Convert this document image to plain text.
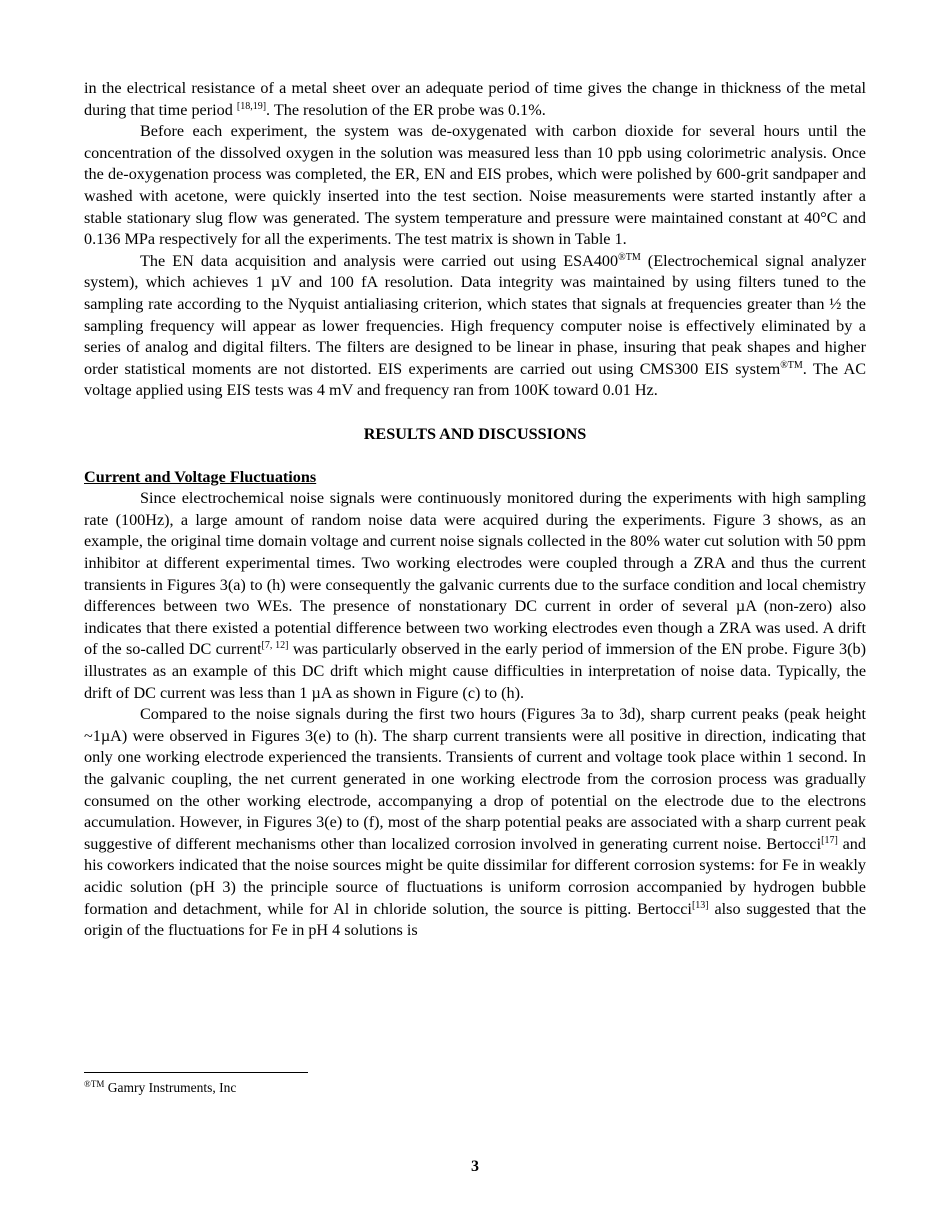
in the electrical resistance of a metal sheet over an adequate period of time gives the change in thickness of the metal during that time period [18,19]. The resolution of the ER probe was 0.1%.

Before each experiment, the system was de-oxygenated with carbon dioxide for several hours until the concentration of the dissolved oxygen in the solution was measured less than 10 ppb using colorimetric analysis. Once the de-oxygenation process was completed, the ER, EN and EIS probes, which were polished by 600-grit sandpaper and washed with acetone, were quickly inserted into the test section. Noise measurements were started instantly after a stable stationary slug flow was generated. The system temperature and pressure were maintained constant at 40°C and 0.136 MPa respectively for all the experiments. The test matrix is shown in Table 1.

The EN data acquisition and analysis were carried out using $ESA400^{®TM}$ (Electrochemical signal analyzer system), which achieves 1 µV and 100 fA resolution. Data integrity was maintained by using filters tuned to the sampling rate according to the Nyquist antialiasing criterion, which states that signals at frequencies greater than ½ the sampling frequency will appear as lower frequencies. High frequency computer noise is effectively eliminated by a series of analog and digital filters. The filters are designed to be linear in phase, insuring that peak shapes and higher order statistical moments are not distorted. EIS experiments are carried out using CMS300 EIS system$^{®TM}$. The AC voltage applied using EIS tests was 4 mV and frequency ran from 100K toward 0.01 Hz.

RESULTS AND DISCUSSIONS
Current and Voltage Fluctuations

Since electrochemical noise signals were continuously monitored during the experiments with high sampling rate (100Hz), a large amount of random noise data were acquired during the experiments. Figure 3 shows, as an example, the original time domain voltage and current noise signals collected in the 80% water cut solution with 50 ppm inhibitor at different experimental times. Two working electrodes were coupled through a ZRA and thus the current transients in Figures 3(a) to (h) were consequently the galvanic currents due to the surface condition and local chemistry differences between two WEs. The presence of nonstationary DC current in order of several µA (non-zero) also indicates that there existed a potential difference between two working electrodes even though a ZRA was used. A drift of the so-called DC current[7, 12] was particularly observed in the early period of immersion of the EN probe. Figure 3(b) illustrates as an example of this DC drift which might cause difficulties in interpretation of noise data. Typically, the drift of DC current was less than 1 µA as shown in Figure (c) to (h).

Compared to the noise signals during the first two hours (Figures 3a to 3d), sharp current peaks (peak height ~1µA) were observed in Figures 3(e) to (h). The sharp current transients were all positive in direction, indicating that only one working electrode experienced the transients. Transients of current and voltage took place within 1 second. In the galvanic coupling, the net current generated in one working electrode from the corrosion process was gradually consumed on the other working electrode, accompanying a drop of potential on the electrode due to the electrons accumulation. However, in Figures 3(e) to (f), most of the sharp potential peaks are associated with a sharp current peak suggestive of different mechanisms other than localized corrosion involved in generating current noise. Bertocci[17] and his coworkers indicated that the noise sources might be quite dissimilar for different corrosion systems: for Fe in weakly acidic solution (pH 3) the principle source of fluctuations is uniform corrosion accompanied by hydrogen bubble formation and detachment, while for Al in chloride solution, the source is pitting. Bertocci[13] also suggested that the origin of the fluctuations for Fe in pH 4 solutions is

$^{®TM}$ Gamry Instruments, Inc
3
